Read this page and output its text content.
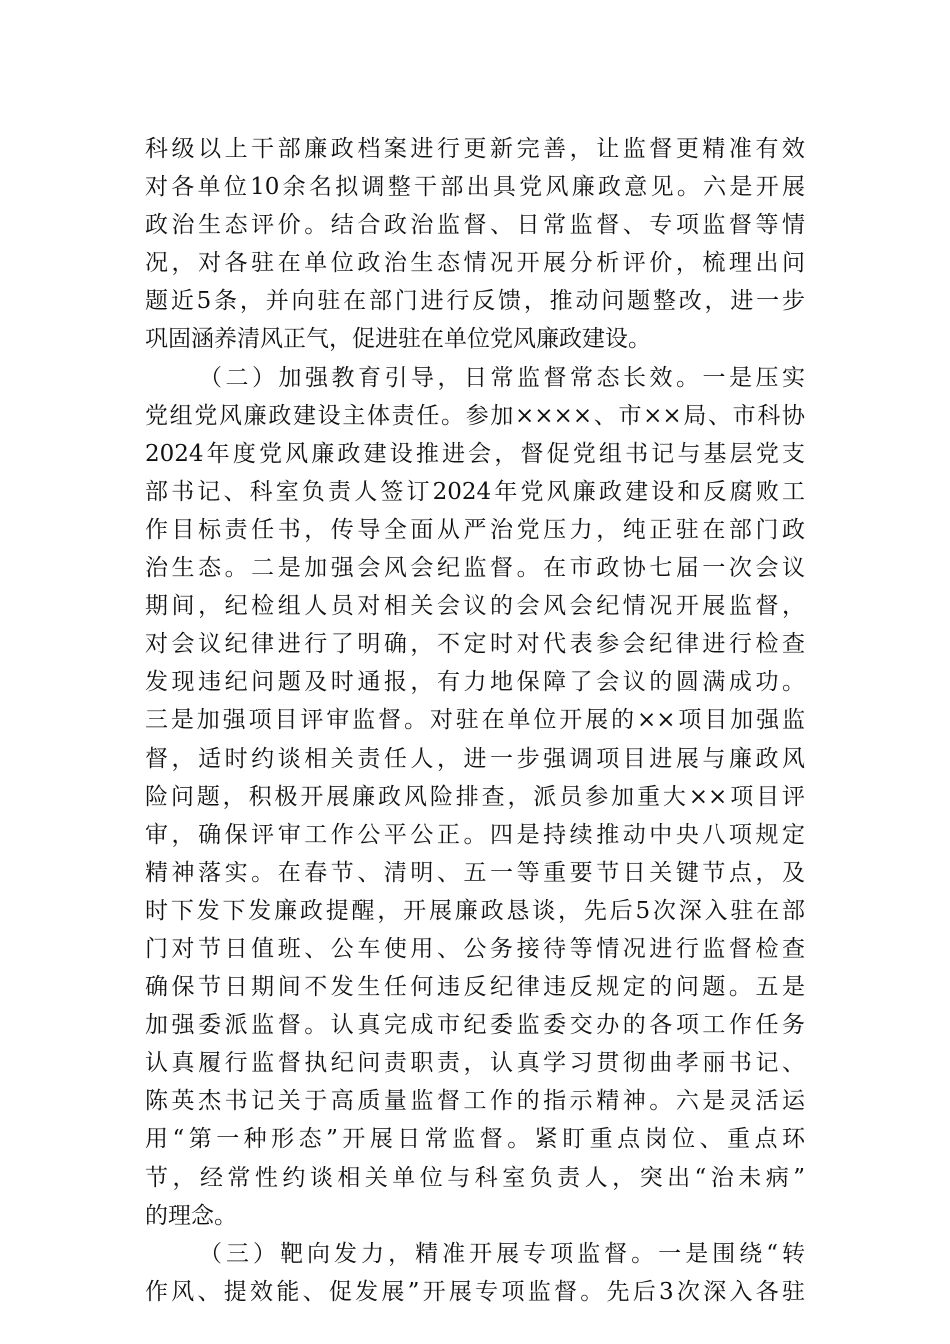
科级以上干部廉政档案进行更新完善，让监督更精准有效
对各单位10余名拟调整干部出具党风廉政意见。六是开展
政治生态评价。结合政治监督、日常监督、专项监督等情
况，对各驻在单位政治生态情况开展分析评价，梳理出问
题近5条，并向驻在部门进行反馈，推动问题整改，进一步
巩固涵养清风正气，促进驻在单位党风廉政建设。
（二）加强教育引导，日常监督常态长效。一是压实
党组党风廉政建设主体责任。参加××××、市××局、市科协
2024年度党风廉政建设推进会，督促党组书记与基层党支
部书记、科室负责人签订2024年党风廉政建设和反腐败工
作目标责任书，传导全面从严治党压力，纯正驻在部门政
治生态。二是加强会风会纪监督。在市政协七届一次会议
期间，纪检组人员对相关会议的会风会纪情况开展监督，
对会议纪律进行了明确，不定时对代表参会纪律进行检查
发现违纪问题及时通报，有力地保障了会议的圆满成功。
三是加强项目评审监督。对驻在单位开展的××项目加强监
督，适时约谈相关责任人，进一步强调项目进展与廉政风
险问题，积极开展廉政风险排查，派员参加重大××项目评
审，确保评审工作公平公正。四是持续推动中央八项规定
精神落实。在春节、清明、五一等重要节日关键节点，及
时下发下发廉政提醒，开展廉政恳谈，先后5次深入驻在部
门对节日值班、公车使用、公务接待等情况进行监督检查
确保节日期间不发生任何违反纪律违反规定的问题。五是
加强委派监督。认真完成市纪委监委交办的各项工作任务
认真履行监督执纪问责职责，认真学习贯彻曲孝丽书记、
陈英杰书记关于高质量监督工作的指示精神。六是灵活运
用“第一种形态”开展日常监督。紧盯重点岗位、重点环
节，经常性约谈相关单位与科室负责人，突出“治未病”
的理念。
（三）靶向发力，精准开展专项监督。一是围绕“转
作风、提效能、促发展”开展专项监督。先后3次深入各驻
